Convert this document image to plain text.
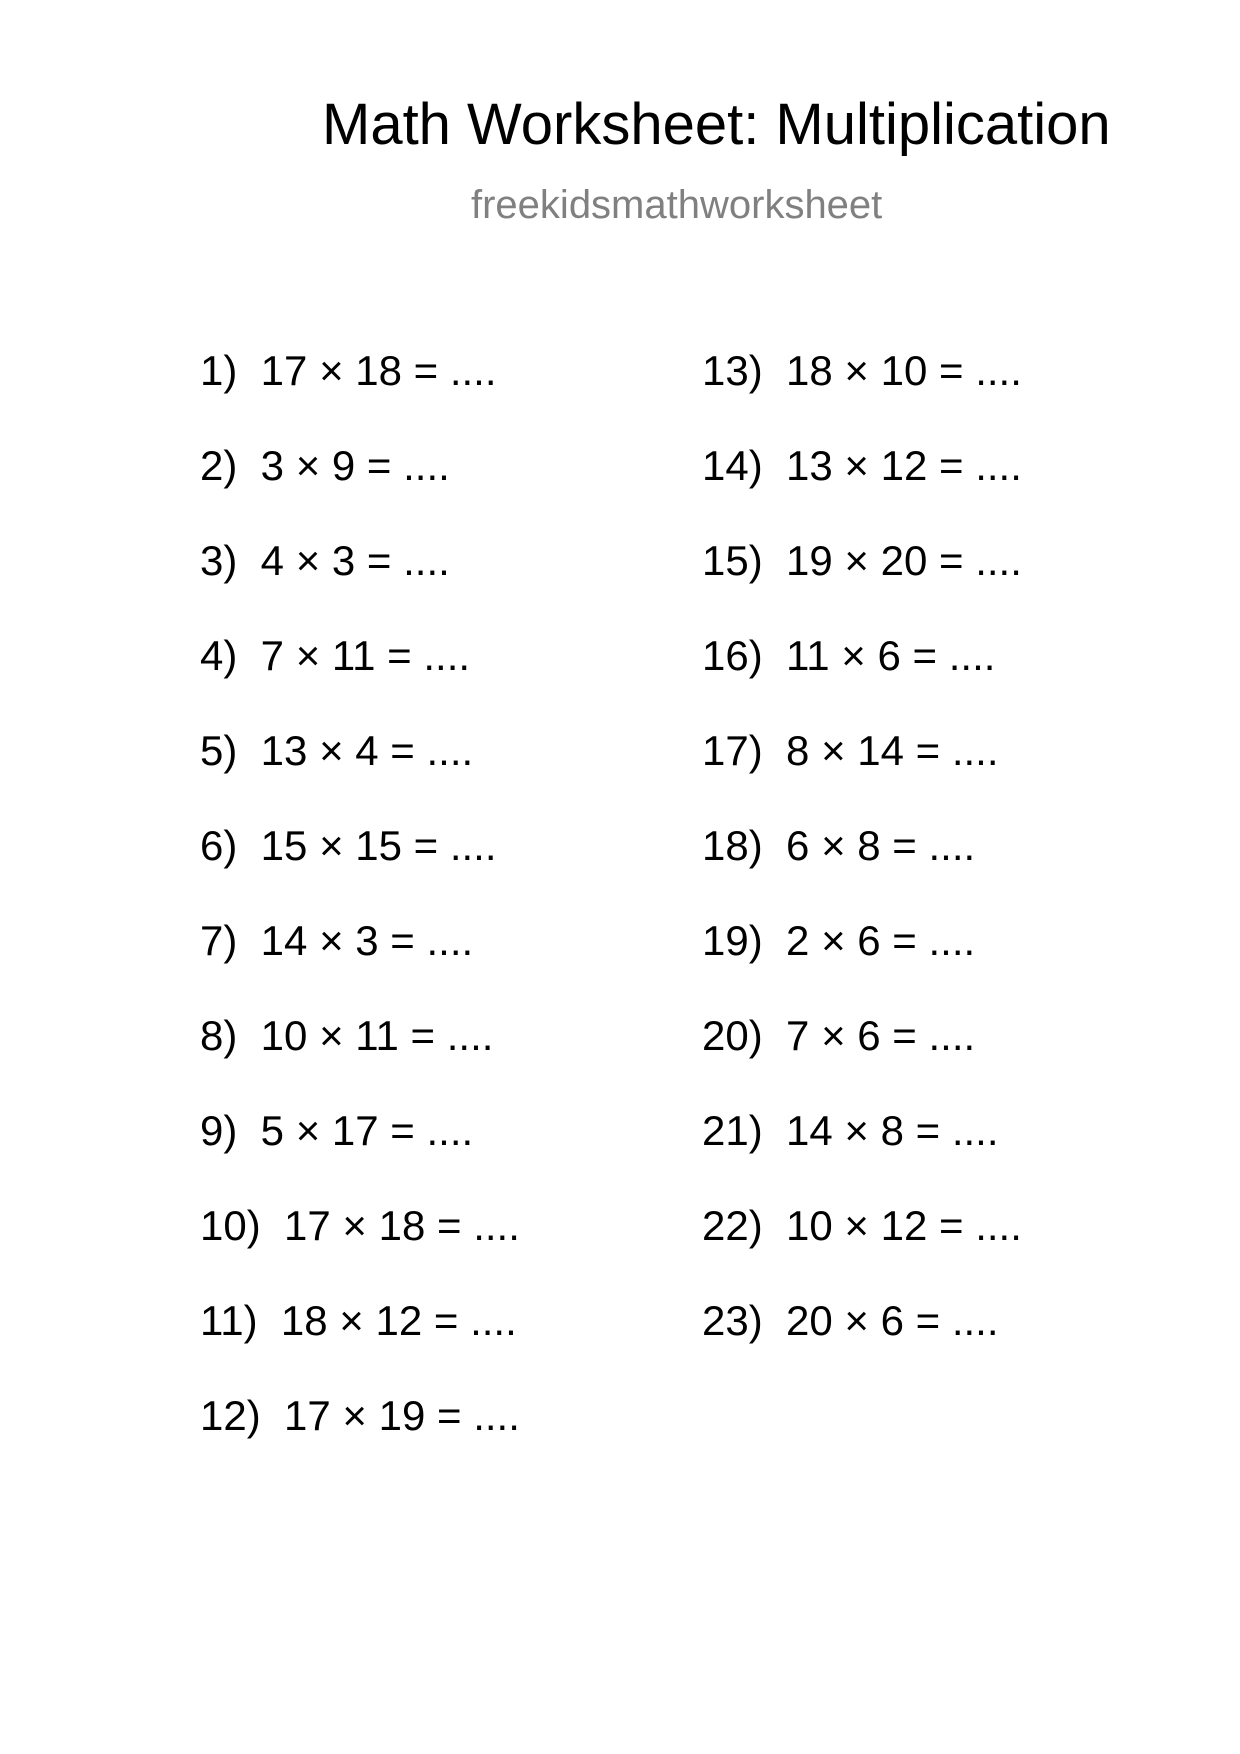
Math Worksheet: Multiplication
freekidsmathworksheet
1)  17 × 18 = ....
2)  3 × 9 = ....
3)  4 × 3 = ....
4)  7 × 11 = ....
5)  13 × 4 = ....
6)  15 × 15 = ....
7)  14 × 3 = ....
8)  10 × 11 = ....
9)  5 × 17 = ....
10)  17 × 18 = ....
11)  18 × 12 = ....
12)  17 × 19 = ....
13)  18 × 10 = ....
14)  13 × 12 = ....
15)  19 × 20 = ....
16)  11 × 6 = ....
17)  8 × 14 = ....
18)  6 × 8 = ....
19)  2 × 6 = ....
20)  7 × 6 = ....
21)  14 × 8 = ....
22)  10 × 12 = ....
23)  20 × 6 = ....
